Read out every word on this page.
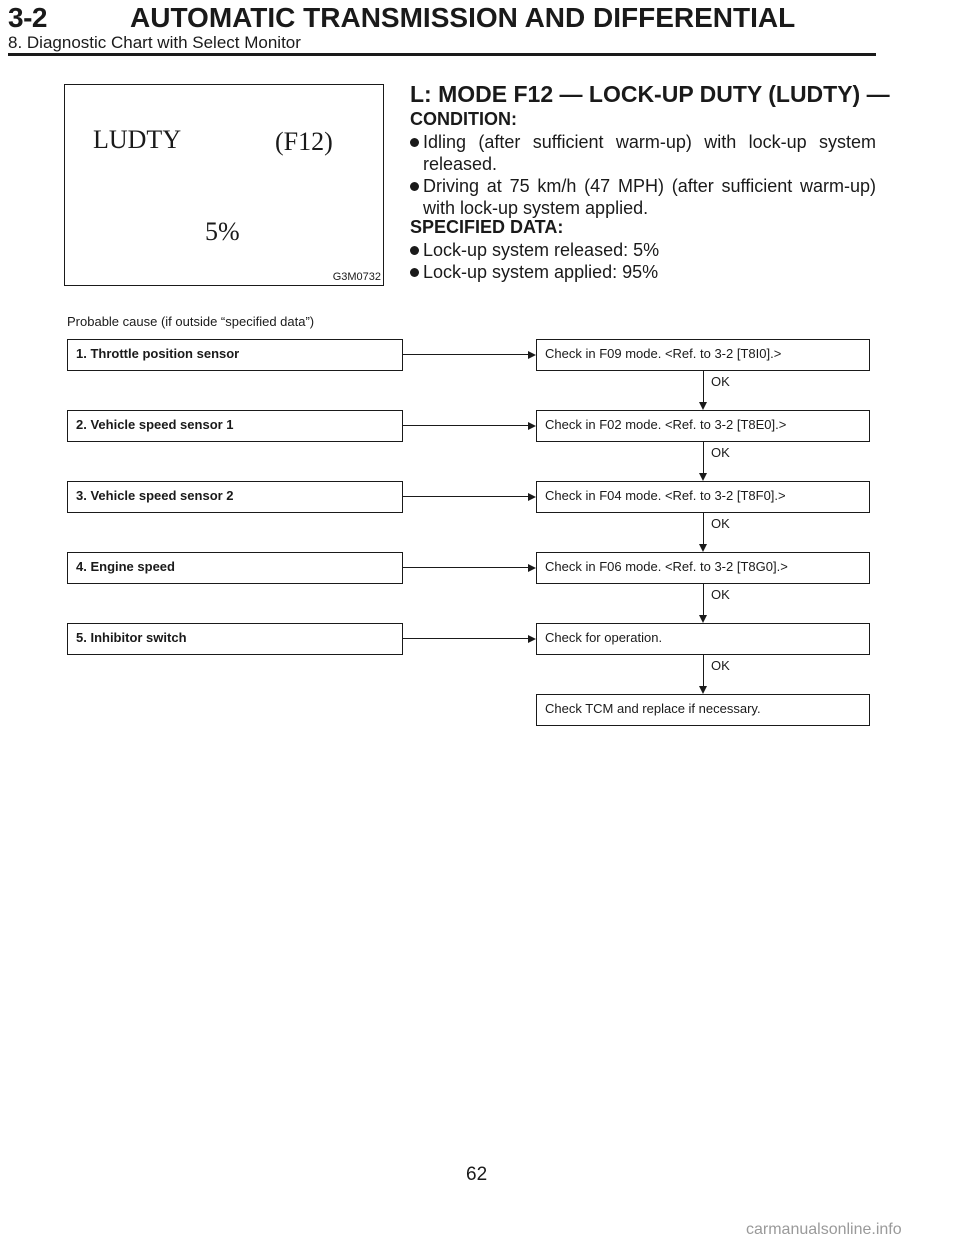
3-2	AUTOMATIC TRANSMISSION AND DIFFERENTIAL
8. Diagnostic Chart with Select Monitor
LUDTY	(F12)
5%
G3M0732
L: MODE F12 — LOCK-UP DUTY (LUDTY) —
CONDITION:
Idling (after sufficient warm-up) with lock-up system released.
Driving at 75 km/h (47 MPH) (after sufficient warm-up) with lock-up system applied.
SPECIFIED DATA:
Lock-up system released: 5%
Lock-up system applied: 95%
Probable cause (if outside “specified data”)
1. Throttle position sensor	Check in F09 mode. <Ref. to 3-2 [T8I0].>
OK
2. Vehicle speed sensor 1	Check in F02 mode. <Ref. to 3-2 [T8E0].>
OK
3. Vehicle speed sensor 2	Check in F04 mode. <Ref. to 3-2 [T8F0].>
OK
4. Engine speed	Check in F06 mode. <Ref. to 3-2 [T8G0].>
OK
5. Inhibitor switch	Check for operation.
OK
Check TCM and replace if necessary.
62
carmanualsonline.info
